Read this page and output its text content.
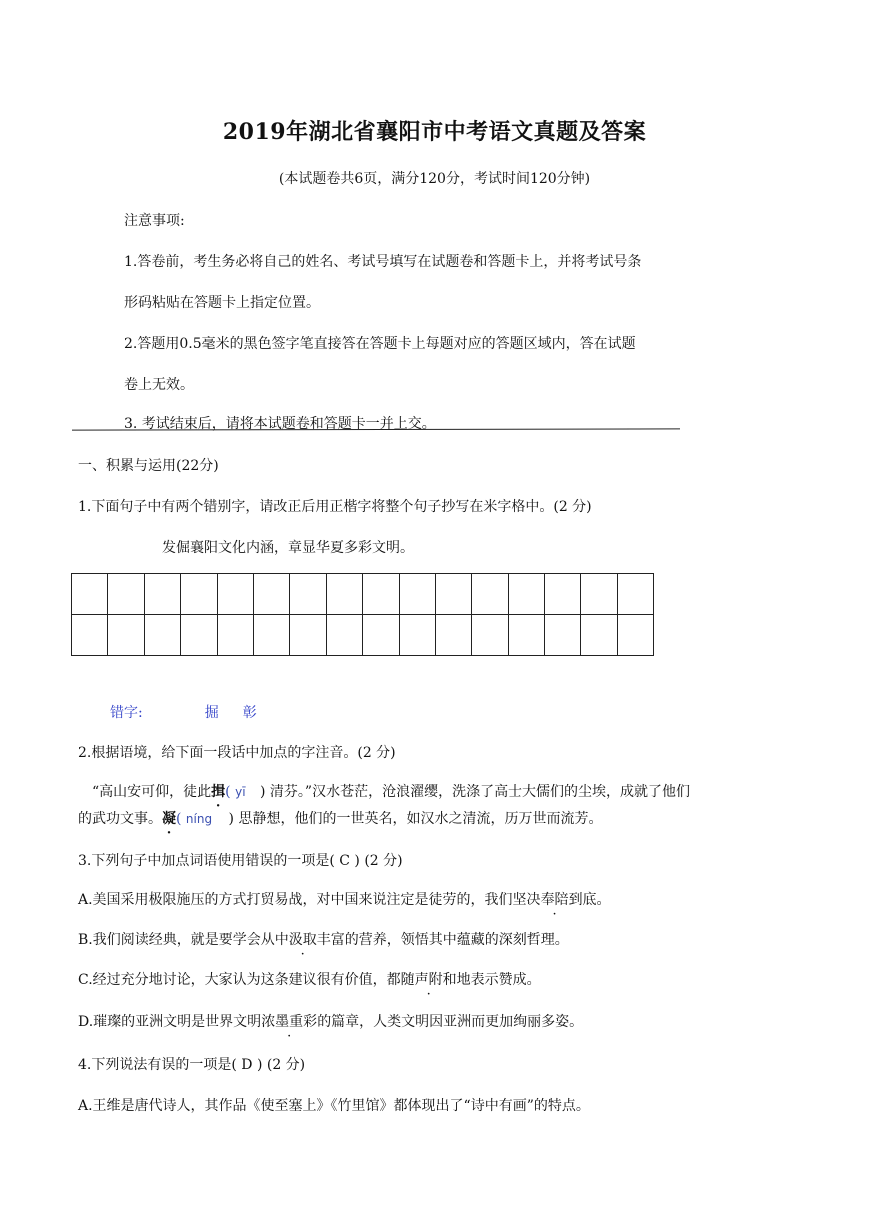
2019年湖北省襄阳市中考语文真题及答案
(本试题卷共6页，满分120分，考试时间120分钟)
注意事项:
1.答卷前，考生务必将自己的姓名、考试号填写在试题卷和答题卡上，并将考试号条
形码粘贴在答题卡上指定位置。
2.答题用0.5毫米的黑色签字笔直接答在答题卡上每题对应的答题区域内，答在试题
卷上无效。
3. 考试结束后，请将本试题卷和答题卡一并上交。
一、积累与运用(22分)
1.下面句子中有两个错别字，请改正后用正楷字将整个句子抄写在米字格中。(2 分)
发倔襄阳文化内涵，章显华夏多彩文明。

错字:	掘 彰
2.根据语境，给下面一段话中加点的字注音。(2 分)
“高山安可仰，徒此揖( yī ) 清芬。”汉水苍茫，沧浪濯缨，洗涤了高士大儒们的尘埃，成就了他们
的武功文事。凝( níng ) 思静想，他们的一世英名，如汉水之清流，历万世而流芳。
3.下列句子中加点词语使用错误的一项是( C ) (2 分)
A.美国采用极限施压的方式打贸易战，对中国来说注定是徒劳的，我们坚决奉陪到底。
B.我们阅读经典，就是要学会从中汲取丰富的营养，领悟其中蕴藏的深刻哲理。
C.经过充分地讨论，大家认为这条建议很有价值，都随声附和地表示赞成。
D.璀璨的亚洲文明是世界文明浓墨重彩的篇章，人类文明因亚洲而更加绚丽多姿。
4.下列说法有误的一项是( D ) (2 分)
A.王维是唐代诗人，其作品《使至塞上》《竹里馆》都体现出了“诗中有画”的特点。
